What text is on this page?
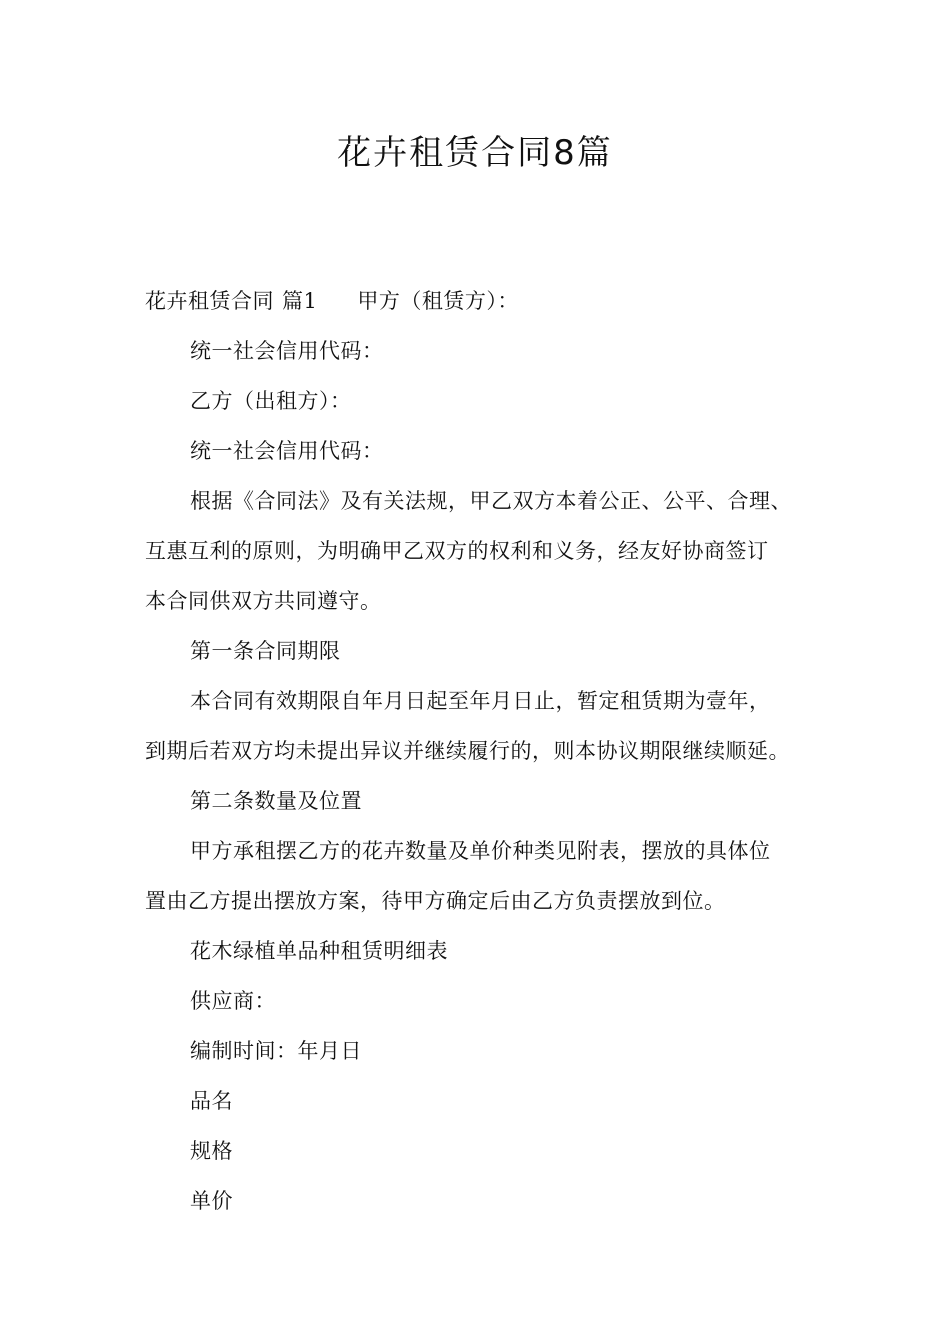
花卉租赁合同8篇
花卉租赁合同 篇1 甲方（租赁方）：
统一社会信用代码：
乙方（出租方）：
统一社会信用代码：
根据《合同法》及有关法规，甲乙双方本着公正、公平、合理、
互惠互利的原则，为明确甲乙双方的权利和义务，经友好协商签订
本合同供双方共同遵守。
第一条合同期限
本合同有效期限自年月日起至年月日止，暂定租赁期为壹年，
到期后若双方均未提出异议并继续履行的，则本协议期限继续顺延。
第二条数量及位置
甲方承租摆乙方的花卉数量及单价种类见附表，摆放的具体位
置由乙方提出摆放方案，待甲方确定后由乙方负责摆放到位。
花木绿植单品种租赁明细表
供应商：
编制时间：年月日
品名
规格
单价
